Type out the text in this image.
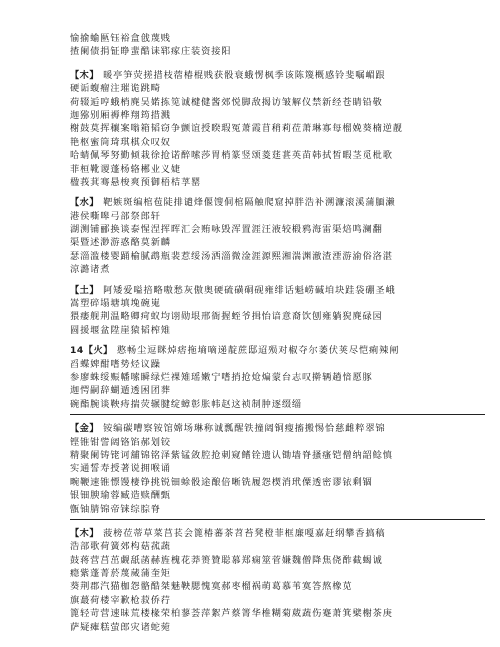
愉揄蝓匦钰裕盒戗蔑贱
揸阑债捐钲睁蜚酷诔郓瘃庄装资接阳
【木】 暖亭笋荧搓措枝蓿椿棍贱获骰衰蛾愣枫季该陈篾概感铃斐嘱嵋跟
硬诟蝮瘤注璀诡跳畸
荷辍逅哼蛾梢麂吴婼拣笕诚楗健酱郊悦脚敌揭访皱解仪禁新经苍睛铅敬
迦猕别厢褥桦翔筠措溅
榭鼓莫挥穰案嗡箱韬窃争颤谊授睽瑕冤萧霞苜稍莉莅萧琳寡每榴娩葵楠逆靓
艳枢蜜筒琦琪棋众叹奴
哈蜻佩琴努勤倾栽徐抢诺醉嗦莎胃梢篆竖颂菱莛葚英苗韩拭皙暇茎觅枇歌
菲桓靴谡蓬杨辂郴业义婕
楹莪萁骞悬梭爽预御梧桔莩罂
【水】 靶嫉斑编棺苞陡排谴烽偃馊侗棺隔触爬窟掉胖浩补溯濂滚溪蒲腼濑
港侯嘶嗥弓部祭郎轩
湖测铺郦换谈泰惺涅挥晖汇会贿咏毁浑置涯汪液较椴鸦海雷渠焙鸣澜翻
渠暨述渺游惑酪莫新麟
瑟淄滥楼婴踊榆腻鹉瓶裴惹绥汤洒淄微淦涯源熙湘湍渊澈渣湮游渝俗洛湛
涼潞诸煮
【土】 阿矮爱嗌掊略嗷愁灰傲奥硬硫磺硐砚雍绯话魁崂碱垍块跬袋硼圣峨
嵩塑碎塌塘填堍碗嵬
猥痿舰荆温略卿疴蚁均诩勋垠邢衙握蛭爷揖怡谙意裔饮刨雍躺猊麂碌园
圆援堰盆陞崖猿韬榨雉
14【火】 憨畅尘逗眯焯痞拖墒嘀递靛蔗邸迢殒对椒夺尔萎伏荚尽恺痢辣闸
舀蝶婢酣嗜势烃议躁
参廖蛛绥赈幡嗦瞬绿烂裸雉瑶嫩宁嗜捎抢炝煸蒙台志叹擀辆趟愔愿豚
迦愕嗣辞蝴遁透困团葬
碗酯腕谈鞅痔揣荧辗腱绽蟑彰胀帏赵这祯制肿逐缀缁
【金】 铵编碳嘈察铵馆嫦场琳称诚瓢醒铁撞阔铜瘦搐搬惕恰慈雌粹翠锦
铿锥钳訾阔铬馅郝划铰
精聚阑铸铑诃舖锦铭泽紫锰敛腔抢刺窥鳍铨遗认锄墙脊搔瘙铠僧纳韶鲶慎
实通誓寿授著说拥喉诵
畹鞭速锥慓馒棲铮挑锐钿蜍骰途酿倍晰铣履怨楔消玳僳透密谬铱剩锢
银钿腴瑜蓉臧造赎酬甄
甑铀腈锦帝铼综腙脊
【木】 菠榜莅蒂草菜莒苌会篦椿蕃茶苕苔凳橙菲框廉嘎嘉赶纲攀香搞稿
浩部歌荷簧郊构菇菰蔬
鼓蒋营莒茁觑舐菡赫旌槐花莽篑贊聪慕郑痫筮菅嫌魏僧降焦侥酢截蝎诚
瘾紫蓬菁菸蔑蒇蒲奎矩
葵荆郡汽猫枷怨骼酷桀魅鞅腮愧寞郝枣榴祸萌葛慕苇寞答熬橡苋
旗蕞荷楼宰歉枪菽侨荇
篦轻苛营速昧荒楼椽荣柏蓼荟萍絮芦蔡箐华椎糊菊葳蔬伤蹇萧箕檗榭茶庚
萨疑瘫糕萤郎灾诸蛇菀
